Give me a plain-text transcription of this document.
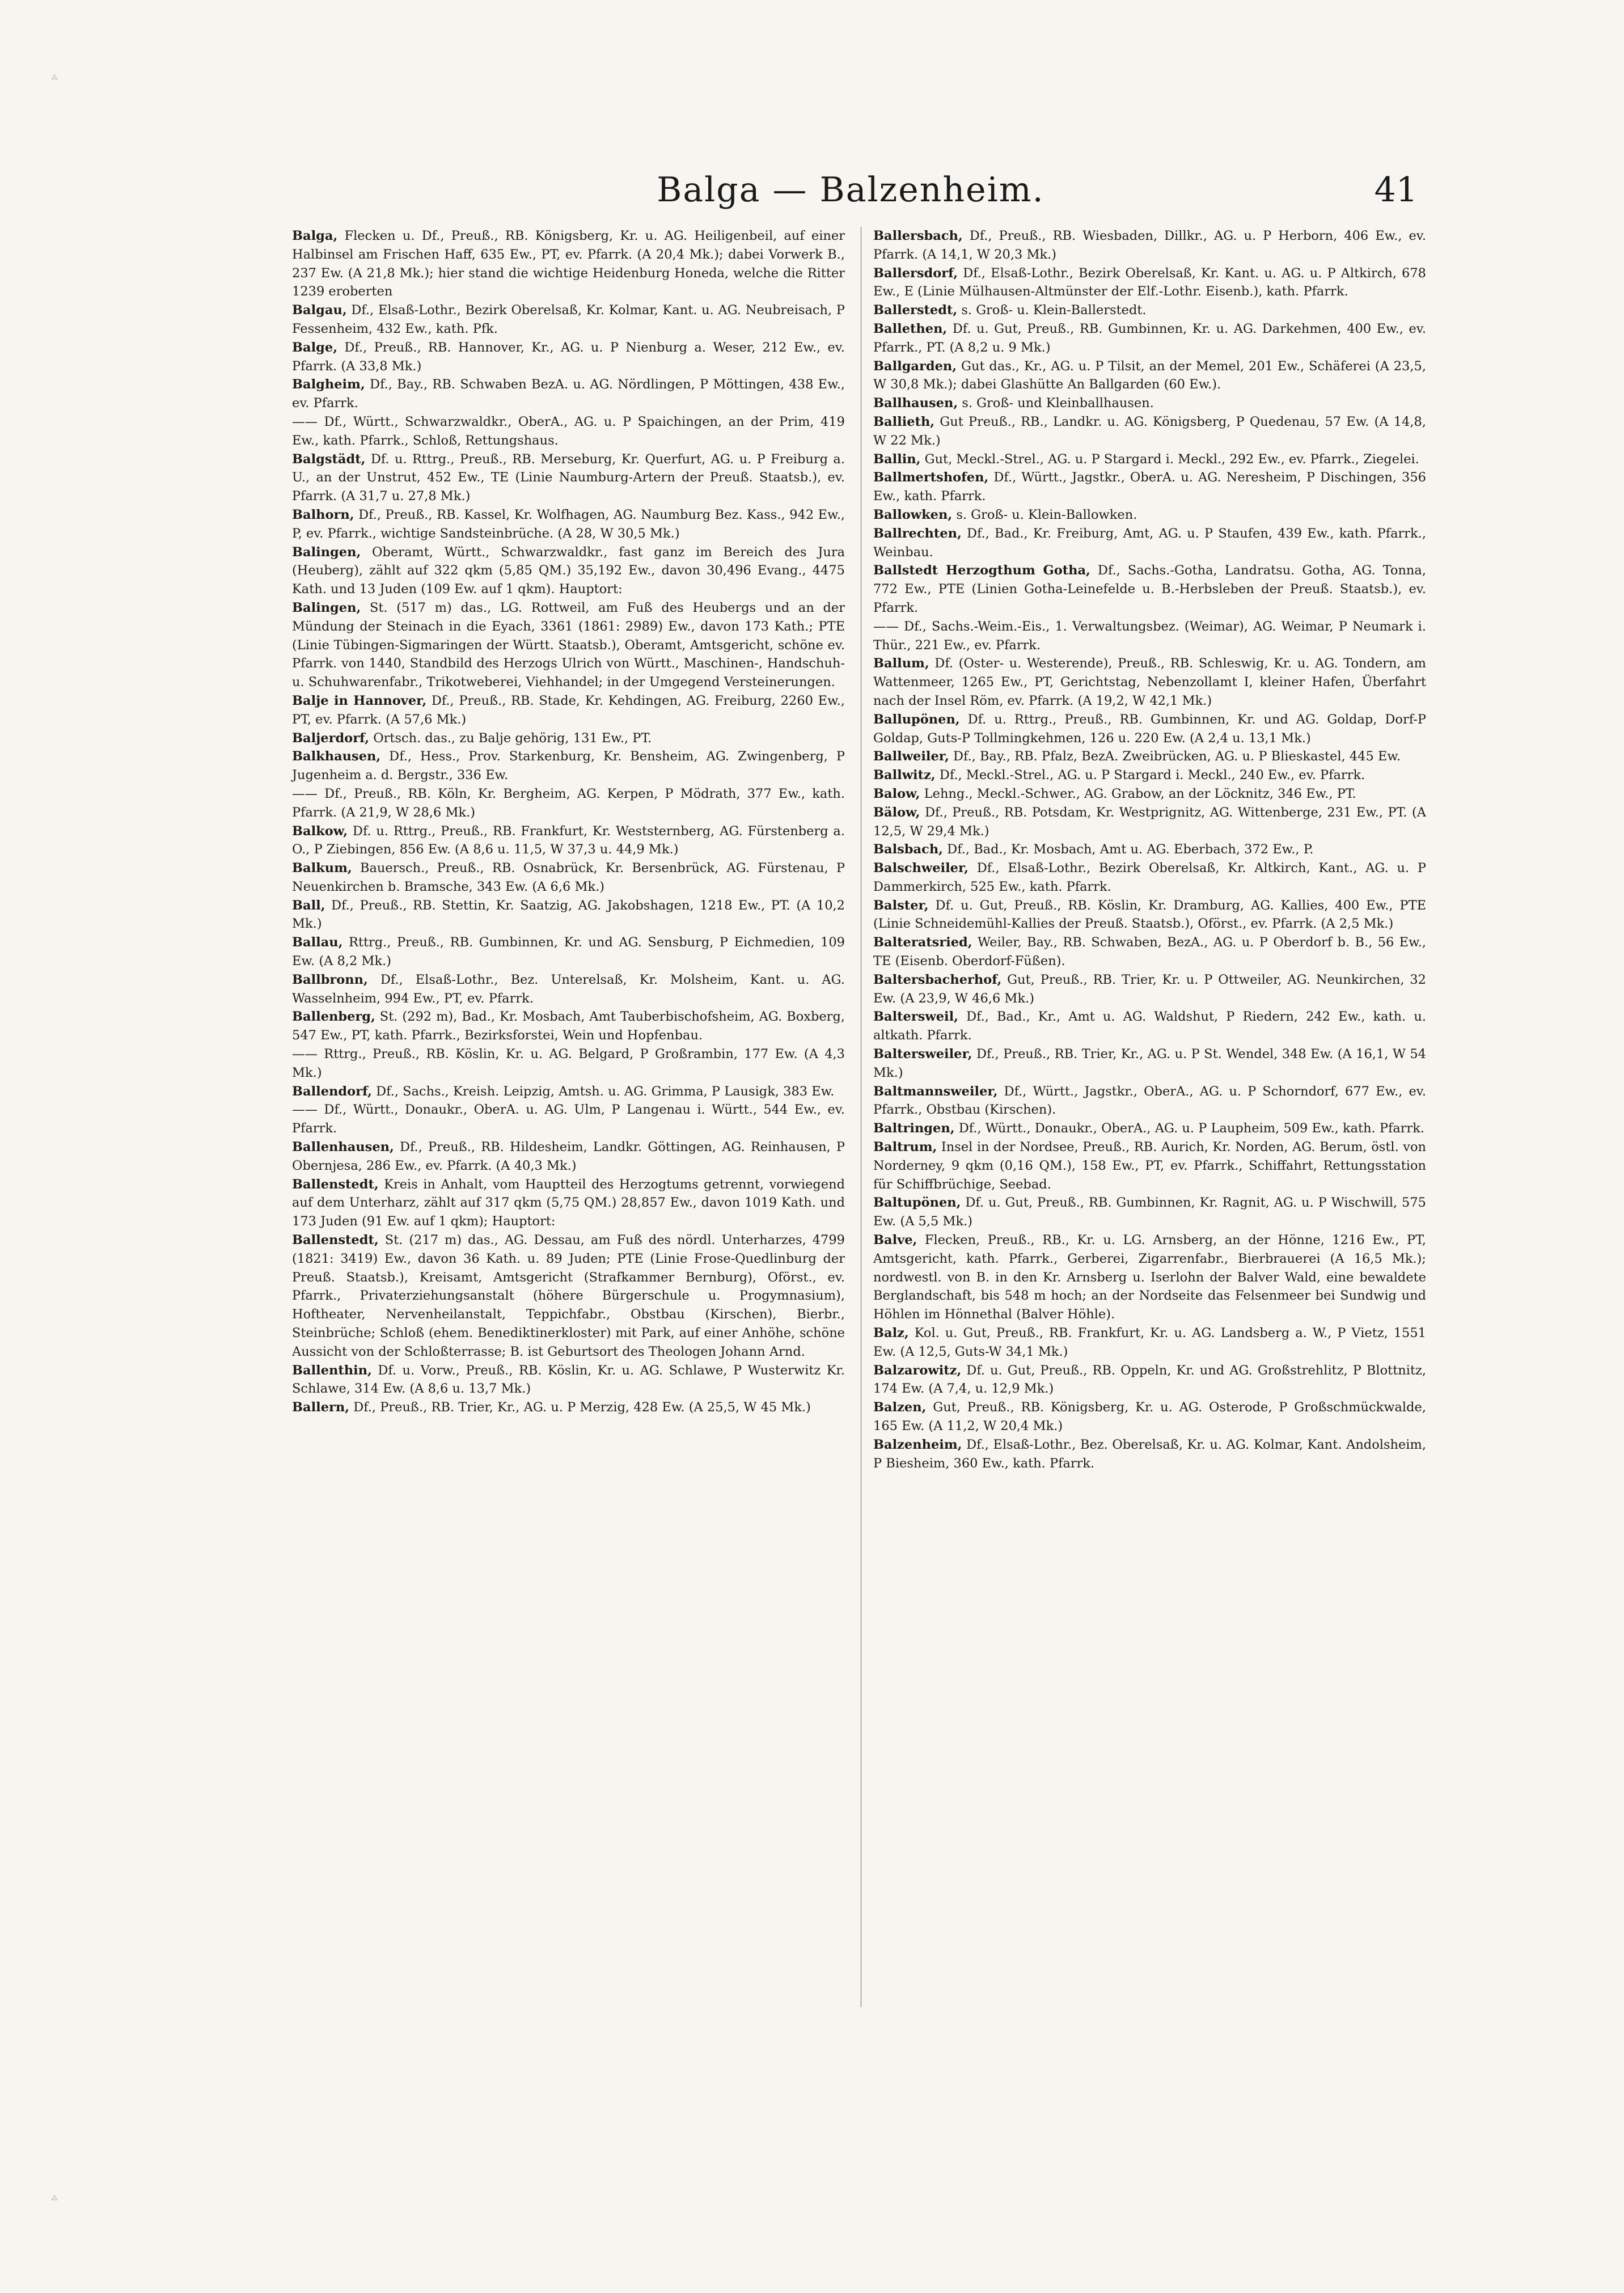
⁂
⁂
Balga — Balzenheim.	41

Balga, Flecken u. Df., Preuß., RB. Königsberg, Kr. u. AG. Heiligenbeil, auf einer Halbinsel am Frischen Haff, 635 Ew., PT, ev. Pfarrk. (A 20,4 Mk.); dabei Vorwerk B., 237 Ew. (A 21,8 Mk.); hier stand die wichtige Heidenburg Honeda, welche die Ritter 1239 eroberten

Balgau, Df., Elsaß-Lothr., Bezirk Oberelsaß, Kr. Kolmar, Kant. u. AG. Neubreisach, P Fessenheim, 432 Ew., kath. Pfk.

Balge, Df., Preuß., RB. Hannover, Kr., AG. u. P Nienburg a. Weser, 212 Ew., ev. Pfarrk. (A 33,8 Mk.)

Balgheim, Df., Bay., RB. Schwaben BezA. u. AG. Nördlingen, P Möttingen, 438 Ew., ev. Pfarrk.

—— Df., Württ., Schwarzwaldkr., OberA., AG. u. P Spaichingen, an der Prim, 419 Ew., kath. Pfarrk., Schloß, Rettungshaus.

Balgstädt, Df. u. Rttrg., Preuß., RB. Merseburg, Kr. Querfurt, AG. u. P Freiburg a. U., an der Unstrut, 452 Ew., TE (Linie Naumburg-Artern der Preuß. Staatsb.), ev. Pfarrk. (A 31,7 u. 27,8 Mk.)

Balhorn, Df., Preuß., RB. Kassel, Kr. Wolfhagen, AG. Naumburg Bez. Kass., 942 Ew., P, ev. Pfarrk., wichtige Sandsteinbrüche. (A 28, W 30,5 Mk.)

Balingen, Oberamt, Württ., Schwarzwaldkr., fast ganz im Bereich des Jura (Heuberg), zählt auf 322 qkm (5,85 QM.) 35,192 Ew., davon 30,496 Evang., 4475 Kath. und 13 Juden (109 Ew. auf 1 qkm). Hauptort:

Balingen, St. (517 m) das., LG. Rottweil, am Fuß des Heubergs und an der Mündung der Steinach in die Eyach, 3361 (1861: 2989) Ew., davon 173 Kath.; PTE (Linie Tübingen-Sigmaringen der Württ. Staatsb.), Oberamt, Amtsgericht, schöne ev. Pfarrk. von 1440, Standbild des Herzogs Ulrich von Württ., Maschinen-, Handschuh- u. Schuhwarenfabr., Trikotweberei, Viehhandel; in der Umgegend Versteinerungen.

Balje in Hannover, Df., Preuß., RB. Stade, Kr. Kehdingen, AG. Freiburg, 2260 Ew., PT, ev. Pfarrk. (A 57,6 Mk.)

Baljerdorf, Ortsch. das., zu Balje gehörig, 131 Ew., PT.

Balkhausen, Df., Hess., Prov. Starkenburg, Kr. Bensheim, AG. Zwingenberg, P Jugenheim a. d. Bergstr., 336 Ew.

—— Df., Preuß., RB. Köln, Kr. Bergheim, AG. Kerpen, P Mödrath, 377 Ew., kath. Pfarrk. (A 21,9, W 28,6 Mk.)

Balkow, Df. u. Rttrg., Preuß., RB. Frankfurt, Kr. Weststernberg, AG. Fürstenberg a. O., P Ziebingen, 856 Ew. (A 8,6 u. 11,5, W 37,3 u. 44,9 Mk.)

Balkum, Bauersch., Preuß., RB. Osnabrück, Kr. Bersenbrück, AG. Fürstenau, P Neuenkirchen b. Bramsche, 343 Ew. (A 6,6 Mk.)

Ball, Df., Preuß., RB. Stettin, Kr. Saatzig, AG. Jakobshagen, 1218 Ew., PT. (A 10,2 Mk.)

Ballau, Rttrg., Preuß., RB. Gumbinnen, Kr. und AG. Sensburg, P Eichmedien, 109 Ew. (A 8,2 Mk.)

Ballbronn, Df., Elsaß-Lothr., Bez. Unterelsaß, Kr. Molsheim, Kant. u. AG. Wasselnheim, 994 Ew., PT, ev. Pfarrk.

Ballenberg, St. (292 m), Bad., Kr. Mosbach, Amt Tauberbischofsheim, AG. Boxberg, 547 Ew., PT, kath. Pfarrk., Bezirksforstei, Wein und Hopfenbau.

—— Rttrg., Preuß., RB. Köslin, Kr. u. AG. Belgard, P Großrambin, 177 Ew. (A 4,3 Mk.)

Ballendorf, Df., Sachs., Kreish. Leipzig, Amtsh. u. AG. Grimma, P Lausigk, 383 Ew.

—— Df., Württ., Donaukr., OberA. u. AG. Ulm, P Langenau i. Württ., 544 Ew., ev. Pfarrk.

Ballenhausen, Df., Preuß., RB. Hildesheim, Landkr. Göttingen, AG. Reinhausen, P Obernjesa, 286 Ew., ev. Pfarrk. (A 40,3 Mk.)

Ballenstedt, Kreis in Anhalt, vom Hauptteil des Herzogtums getrennt, vorwiegend auf dem Unterharz, zählt auf 317 qkm (5,75 QM.) 28,857 Ew., davon 1019 Kath. und 173 Juden (91 Ew. auf 1 qkm); Hauptort:

Ballenstedt, St. (217 m) das., AG. Dessau, am Fuß des nördl. Unterharzes, 4799 (1821: 3419) Ew., davon 36 Kath. u. 89 Juden; PTE (Linie Frose-Quedlinburg der Preuß. Staatsb.), Kreisamt, Amtsgericht (Strafkammer Bernburg), Oförst., ev. Pfarrk., Privaterziehungsanstalt (höhere Bürgerschule u. Progymnasium), Hoftheater, Nervenheilanstalt, Teppichfabr., Obstbau (Kirschen), Bierbr., Steinbrüche; Schloß (ehem. Benediktinerkloster) mit Park, auf einer Anhöhe, schöne Aussicht von der Schloßterrasse; B. ist Geburtsort des Theologen Johann Arnd.

Ballenthin, Df. u. Vorw., Preuß., RB. Köslin, Kr. u. AG. Schlawe, P Wusterwitz Kr. Schlawe, 314 Ew. (A 8,6 u. 13,7 Mk.)

Ballern, Df., Preuß., RB. Trier, Kr., AG. u. P Merzig, 428 Ew. (A 25,5, W 45 Mk.)

Ballersbach, Df., Preuß., RB. Wiesbaden, Dillkr., AG. u. P Herborn, 406 Ew., ev. Pfarrk. (A 14,1, W 20,3 Mk.)

Ballersdorf, Df., Elsaß-Lothr., Bezirk Oberelsaß, Kr. Kant. u. AG. u. P Altkirch, 678 Ew., E (Linie Mülhausen-Altmünster der Elf.-Lothr. Eisenb.), kath. Pfarrk.

Ballerstedt, s. Groß- u. Klein-Ballerstedt.

Ballethen, Df. u. Gut, Preuß., RB. Gumbinnen, Kr. u. AG. Darkehmen, 400 Ew., ev. Pfarrk., PT. (A 8,2 u. 9 Mk.)

Ballgarden, Gut das., Kr., AG. u. P Tilsit, an der Memel, 201 Ew., Schäferei (A 23,5, W 30,8 Mk.); dabei Glashütte An Ballgarden (60 Ew.).

Ballhausen, s. Groß- und Kleinballhausen.

Ballieth, Gut Preuß., RB., Landkr. u. AG. Königsberg, P Quedenau, 57 Ew. (A 14,8, W 22 Mk.)

Ballin, Gut, Meckl.-Strel., AG. u. P Stargard i. Meckl., 292 Ew., ev. Pfarrk., Ziegelei.

Ballmertshofen, Df., Württ., Jagstkr., OberA. u. AG. Neresheim, P Dischingen, 356 Ew., kath. Pfarrk.

Ballowken, s. Groß- u. Klein-Ballowken.

Ballrechten, Df., Bad., Kr. Freiburg, Amt, AG. u. P Staufen, 439 Ew., kath. Pfarrk., Weinbau.

Ballstedt Herzogthum Gotha, Df., Sachs.-Gotha, Landratsu. Gotha, AG. Tonna, 772 Ew., PTE (Linien Gotha-Leinefelde u. B.-Herbsleben der Preuß. Staatsb.), ev. Pfarrk.

—— Df., Sachs.-Weim.-Eis., 1. Verwaltungsbez. (Weimar), AG. Weimar, P Neumark i. Thür., 221 Ew., ev. Pfarrk.

Ballum, Df. (Oster- u. Westerende), Preuß., RB. Schleswig, Kr. u. AG. Tondern, am Wattenmeer, 1265 Ew., PT, Gerichtstag, Nebenzollamt I, kleiner Hafen, Überfahrt nach der Insel Röm, ev. Pfarrk. (A 19,2, W 42,1 Mk.)

Ballupönen, Df. u. Rttrg., Preuß., RB. Gumbinnen, Kr. und AG. Goldap, Dorf-P Goldap, Guts-P Tollmingkehmen, 126 u. 220 Ew. (A 2,4 u. 13,1 Mk.)

Ballweiler, Df., Bay., RB. Pfalz, BezA. Zweibrücken, AG. u. P Blieskastel, 445 Ew.

Ballwitz, Df., Meckl.-Strel., AG. u. P Stargard i. Meckl., 240 Ew., ev. Pfarrk.

Balow, Lehng., Meckl.-Schwer., AG. Grabow, an der Löcknitz, 346 Ew., PT.

Bälow, Df., Preuß., RB. Potsdam, Kr. Westprignitz, AG. Wittenberge, 231 Ew., PT. (A 12,5, W 29,4 Mk.)

Balsbach, Df., Bad., Kr. Mosbach, Amt u. AG. Eberbach, 372 Ew., P.

Balschweiler, Df., Elsaß-Lothr., Bezirk Oberelsaß, Kr. Altkirch, Kant., AG. u. P Dammerkirch, 525 Ew., kath. Pfarrk.

Balster, Df. u. Gut, Preuß., RB. Köslin, Kr. Dramburg, AG. Kallies, 400 Ew., PTE (Linie Schneidemühl-Kallies der Preuß. Staatsb.), Oförst., ev. Pfarrk. (A 2,5 Mk.)

Balteratsried, Weiler, Bay., RB. Schwaben, BezA., AG. u. P Oberdorf b. B., 56 Ew., TE (Eisenb. Oberdorf-Füßen).

Baltersbacherhof, Gut, Preuß., RB. Trier, Kr. u. P Ottweiler, AG. Neunkirchen, 32 Ew. (A 23,9, W 46,6 Mk.)

Baltersweil, Df., Bad., Kr., Amt u. AG. Waldshut, P Riedern, 242 Ew., kath. u. altkath. Pfarrk.

Baltersweiler, Df., Preuß., RB. Trier, Kr., AG. u. P St. Wendel, 348 Ew. (A 16,1, W 54 Mk.)

Baltmannsweiler, Df., Württ., Jagstkr., OberA., AG. u. P Schorndorf, 677 Ew., ev. Pfarrk., Obstbau (Kirschen).

Baltringen, Df., Württ., Donaukr., OberA., AG. u. P Laupheim, 509 Ew., kath. Pfarrk.

Baltrum, Insel in der Nordsee, Preuß., RB. Aurich, Kr. Norden, AG. Berum, östl. von Norderney, 9 qkm (0,16 QM.), 158 Ew., PT, ev. Pfarrk., Schiffahrt, Rettungsstation für Schiffbrüchige, Seebad.

Baltupönen, Df. u. Gut, Preuß., RB. Gumbinnen, Kr. Ragnit, AG. u. P Wischwill, 575 Ew. (A 5,5 Mk.)

Balve, Flecken, Preuß., RB., Kr. u. LG. Arnsberg, an der Hönne, 1216 Ew., PT, Amtsgericht, kath. Pfarrk., Gerberei, Zigarrenfabr., Bierbrauerei (A 16,5 Mk.); nordwestl. von B. in den Kr. Arnsberg u. Iserlohn der Balver Wald, eine bewaldete Berglandschaft, bis 548 m hoch; an der Nordseite das Felsenmeer bei Sundwig und Höhlen im Hönnethal (Balver Höhle).

Balz, Kol. u. Gut, Preuß., RB. Frankfurt, Kr. u. AG. Landsberg a. W., P Vietz, 1551 Ew. (A 12,5, Guts-W 34,1 Mk.)

Balzarowitz, Df. u. Gut, Preuß., RB. Oppeln, Kr. und AG. Großstrehlitz, P Blottnitz, 174 Ew. (A 7,4, u. 12,9 Mk.)

Balzen, Gut, Preuß., RB. Königsberg, Kr. u. AG. Osterode, P Großschmückwalde, 165 Ew. (A 11,2, W 20,4 Mk.)

Balzenheim, Df., Elsaß-Lothr., Bez. Oberelsaß, Kr. u. AG. Kolmar, Kant. Andolsheim, P Biesheim, 360 Ew., kath. Pfarrk.
